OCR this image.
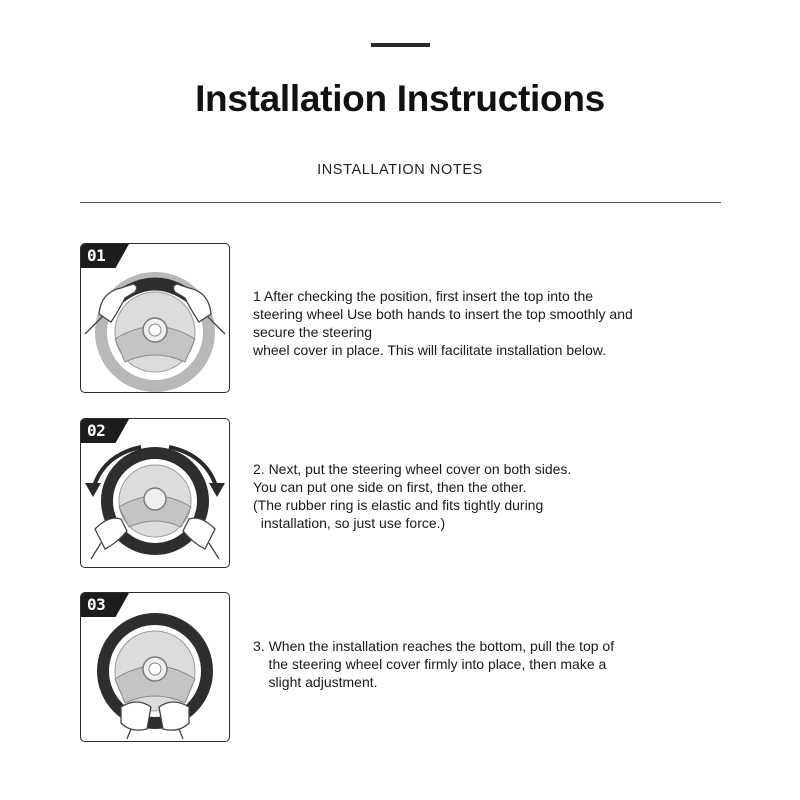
Installation Instructions
INSTALLATION NOTES
01
1 After checking the position, first insert the top into the
steering wheel Use both hands to insert the top smoothly and
secure the steering
wheel cover in place. This will facilitate installation below.
02
2. Next, put the steering wheel cover on both sides.
You can put one side on first, then the other.
(The rubber ring is elastic and fits tightly during
installation, so just use force.)
03
3. When the installation reaches the bottom, pull the top of
the steering wheel cover firmly into place, then make a
slight adjustment.
